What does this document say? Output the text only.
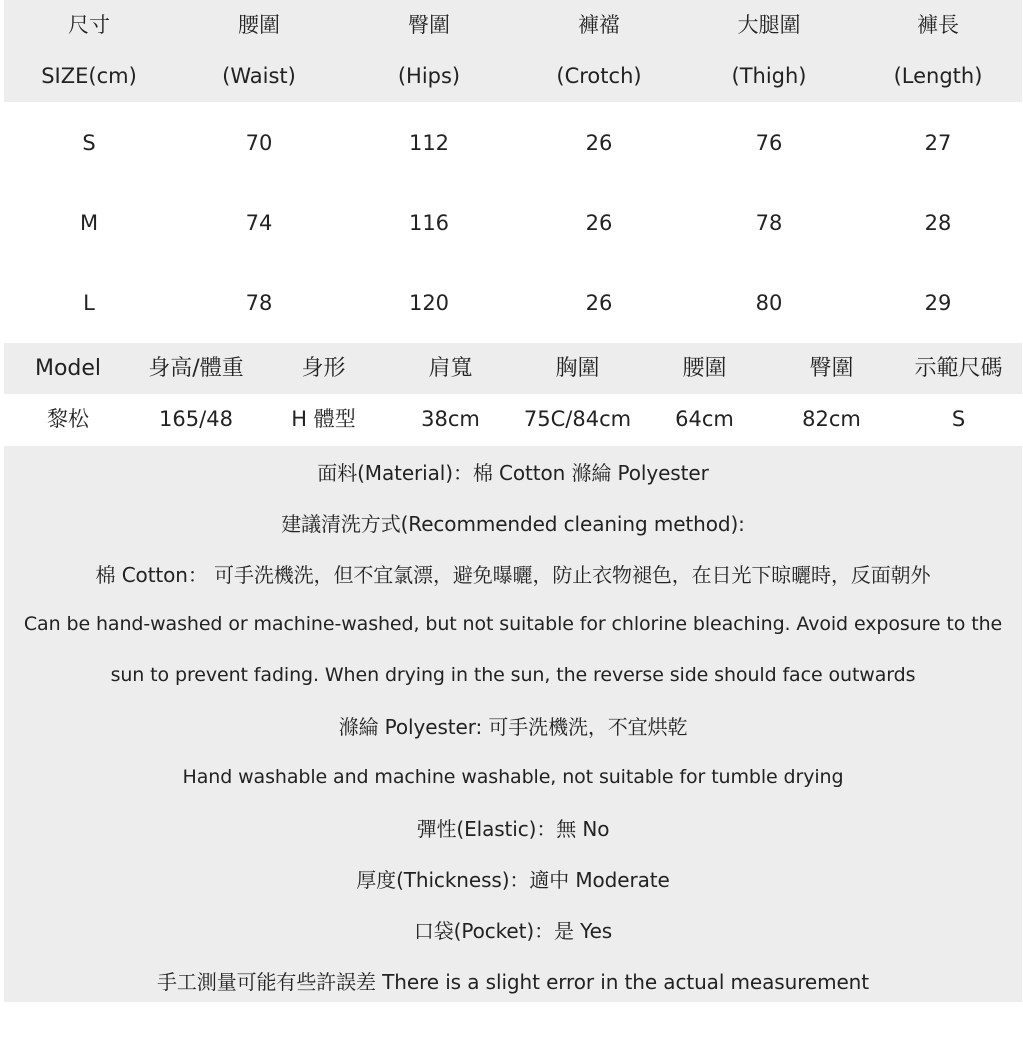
尺寸	腰圍	臀圍	褲襠	大腿圍	褲長
SIZE(cm)	(Waist)	(Hips)	(Crotch)	(Thigh)	(Length)
S	70	112	26	76	27
M	74	116	26	78	28
L	78	120	26	80	29
Model	身高/體重	身形	肩寬	胸圍	腰圍	臀圍	示範尺碼
黎松	165/48	H 體型	38cm	75C/84cm	64cm	82cm	S
面料(Material)：棉 Cotton 滌綸 Polyester
建議清洗方式(Recommended cleaning method):
棉 Cotton： 可手洗機洗，但不宜氯漂，避免曝曬，防止衣物褪色，在日光下晾曬時，反面朝外
Can be hand-washed or machine-washed, but not suitable for chlorine bleaching. Avoid exposure to the
sun to prevent fading. When drying in the sun, the reverse side should face outwards
滌綸 Polyester: 可手洗機洗，不宜烘乾
Hand washable and machine washable, not suitable for tumble drying
彈性(Elastic)：無 No
厚度(Thickness)：適中 Moderate
口袋(Pocket)：是 Yes
手工測量可能有些許誤差 There is a slight error in the actual measurement
